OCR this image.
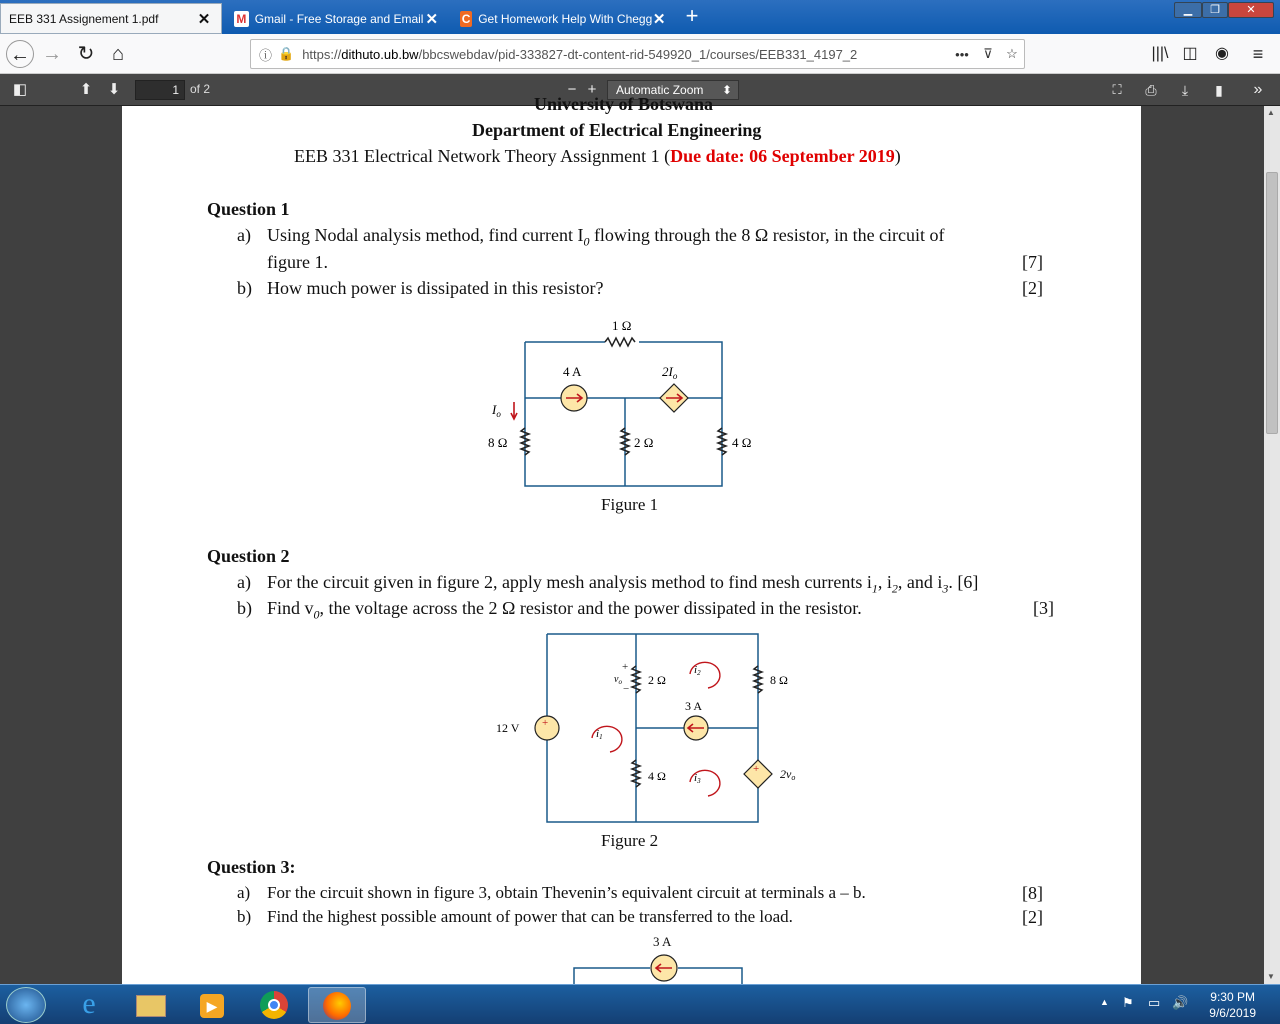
EEB 331 Assignement 1.pdf	✕ M Gmail - Free Storage and Email ✕ C Get Homework Help With Chegg ✕ +	▁	❐	✕
← → ↻ ⌂	ⓘ 🔒 https://dithuto.ub.bw/bbcswebdav/pid-333827-dt-content-rid-549920_1/courses/EEB331_4197_2	•••	⊽	☆	|||\ ◫	◉	≡
◧	⬆ ⬇	1 of 2	− +	Automatic Zoom ⬍	⛶	⎙	⤓	▮	»
University of Botswana
Department of Electrical Engineering
EEB 331 Electrical Network Theory Assignment 1 (Due date: 06 September 2019)
Question 1
a) Using Nodal analysis method, find current $I_0$ flowing through the 8 Ω resistor, in the circuit of
figure 1.	[7]
b) How much power is dissipated in this resistor?	[2]
1 Ω
4 A	$2I_o$
$I_o$
8 Ω	2 Ω	4 Ω
Figure 1
Question 2
a) For the circuit given in figure 2, apply mesh analysis method to find mesh currents $i_1$, $i_2$, and $i_3$. [6]
b) Find $v_0$, the voltage across the 2 Ω resistor and the power dissipated in the resistor.	[3]
+
+
+
−
$v_o$
12 V
2 Ω	8 Ω
3 A
4 Ω	2vo
i1
i2
i3
Figure 2
Question 3:
a) For the circuit shown in figure 3, obtain Thevenin’s equivalent circuit at terminals a – b.	[8]
b) Find the highest possible amount of power that can be transferred to the load.	[2]
3 A
▲
▼
e	▶	▲ ⚑ ▭ 🔊 9:30 PM
9/6/2019
